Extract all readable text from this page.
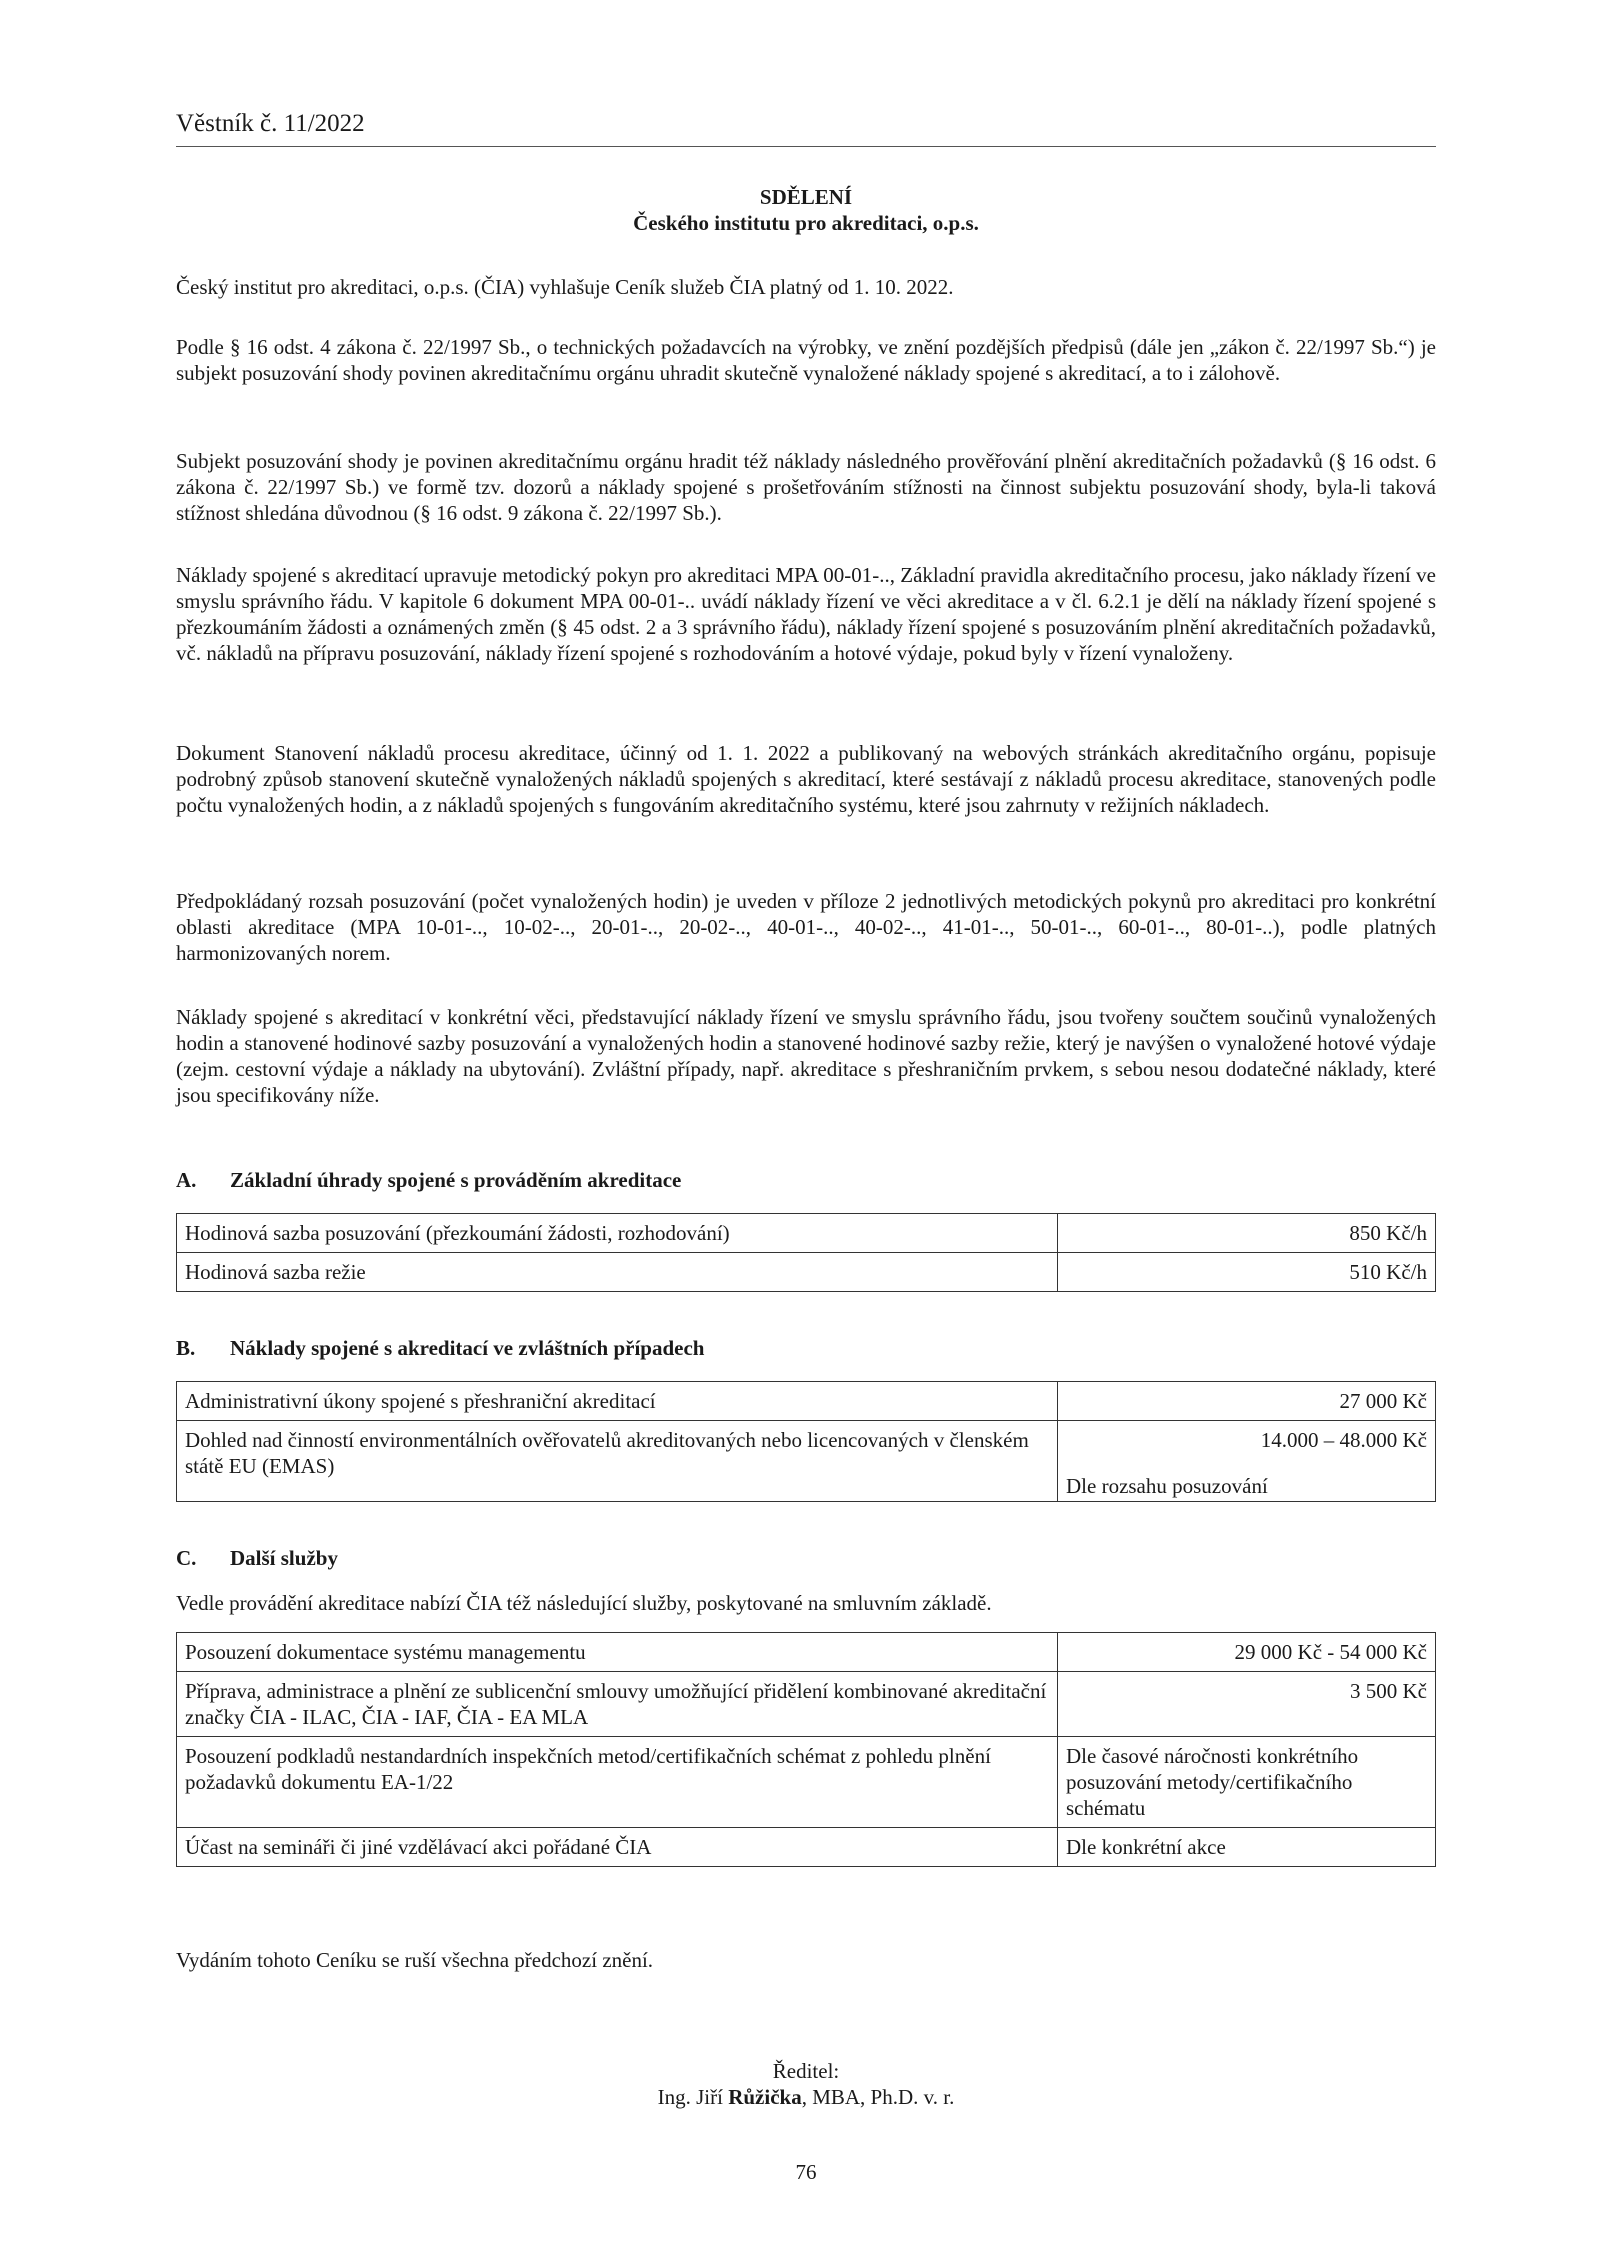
Věstník č. 11/2022
SDĚLENÍ
Českého institutu pro akreditaci, o.p.s.

Český institut pro akreditaci, o.p.s. (ČIA) vyhlašuje Ceník služeb ČIA platný od 1. 10. 2022.

Podle § 16 odst. 4 zákona č. 22/1997 Sb., o technických požadavcích na výrobky, ve znění pozdějších předpisů (dále jen „zákon č. 22/1997 Sb.“) je subjekt posuzování shody povinen akreditačnímu orgánu uhradit skutečně vynaložené náklady spojené s akreditací, a to i zálohově.

Subjekt posuzování shody je povinen akreditačnímu orgánu hradit též náklady následného prověřování plnění akreditačních požadavků (§ 16 odst. 6 zákona č. 22/1997 Sb.) ve formě tzv. dozorů a náklady spojené s prošetřováním stížnosti na činnost subjektu posuzování shody, byla-li taková stížnost shledána důvodnou (§ 16 odst. 9 zákona č. 22/1997 Sb.).

Náklady spojené s akreditací upravuje metodický pokyn pro akreditaci MPA 00-01-.., Základní pravidla akreditačního procesu, jako náklady řízení ve smyslu správního řádu. V kapitole 6 dokument MPA 00-01-.. uvádí náklady řízení ve věci akreditace a v čl. 6.2.1 je dělí na náklady řízení spojené s přezkoumáním žádosti a oznámených změn (§ 45 odst. 2 a 3 správního řádu), náklady řízení spojené s posuzováním plnění akreditačních požadavků, vč. nákladů na přípravu posuzování, náklady řízení spojené s rozhodováním a hotové výdaje, pokud byly v řízení vynaloženy.

Dokument Stanovení nákladů procesu akreditace, účinný od 1. 1. 2022 a publikovaný na webových stránkách akreditačního orgánu, popisuje podrobný způsob stanovení skutečně vynaložených nákladů spojených s akreditací, které sestávají z nákladů procesu akreditace, stanovených podle počtu vynaložených hodin, a z nákladů spojených s fungováním akreditačního systému, které jsou zahrnuty v režijních nákladech.

Předpokládaný rozsah posuzování (počet vynaložených hodin) je uveden v příloze 2 jednotlivých metodických pokynů pro akreditaci pro konkrétní oblasti akreditace (MPA 10-01-.., 10-02-.., 20-01-.., 20-02-.., 40-01-.., 40-02-.., 41-01-.., 50-01-.., 60-01-.., 80-01-..), podle platných harmonizovaných norem.

Náklady spojené s akreditací v konkrétní věci, představující náklady řízení ve smyslu správního řádu, jsou tvořeny součtem součinů vynaložených hodin a stanovené hodinové sazby posuzování a vynaložených hodin a stanovené hodinové sazby režie, který je navýšen o vynaložené hotové výdaje (zejm. cestovní výdaje a náklady na ubytování). Zvláštní případy, např. akreditace s přeshraničním prvkem, s sebou nesou dodatečné náklady, které jsou specifikovány níže.

A. Základní úhrady spojené s prováděním akreditace
Hodinová sazba posuzování (přezkoumání žádosti, rozhodování)	850 Kč/h
Hodinová sazba režie	510 Kč/h
B. Náklady spojené s akreditací ve zvláštních případech
Administrativní úkony spojené s přeshraniční akreditací	27 000 Kč
Dohled nad činností environmentálních ověřovatelů akreditovaných nebo licencovaných v členském státě EU (EMAS)	14.000 – 48.000 Kč
Dle rozsahu posuzování
C. Další služby

Vedle provádění akreditace nabízí ČIA též následující služby, poskytované na smluvním základě.

Posouzení dokumentace systému managementu	29 000 Kč - 54 000 Kč
Příprava, administrace a plnění ze sublicenční smlouvy umožňující přidělení kombinované akreditační značky ČIA - ILAC, ČIA - IAF, ČIA - EA MLA	3 500 Kč
Posouzení podkladů nestandardních inspekčních metod/certifikačních schémat z pohledu plnění požadavků dokumentu EA-1/22	Dle časové náročnosti konkrétního posuzování metody/certifikačního schématu
Účast na semináři či jiné vzdělávací akci pořádané ČIA	Dle konkrétní akce
Vydáním tohoto Ceníku se ruší všechna předchozí znění.
Ředitel:
Ing. Jiří Růžička, MBA, Ph.D. v. r.
76
